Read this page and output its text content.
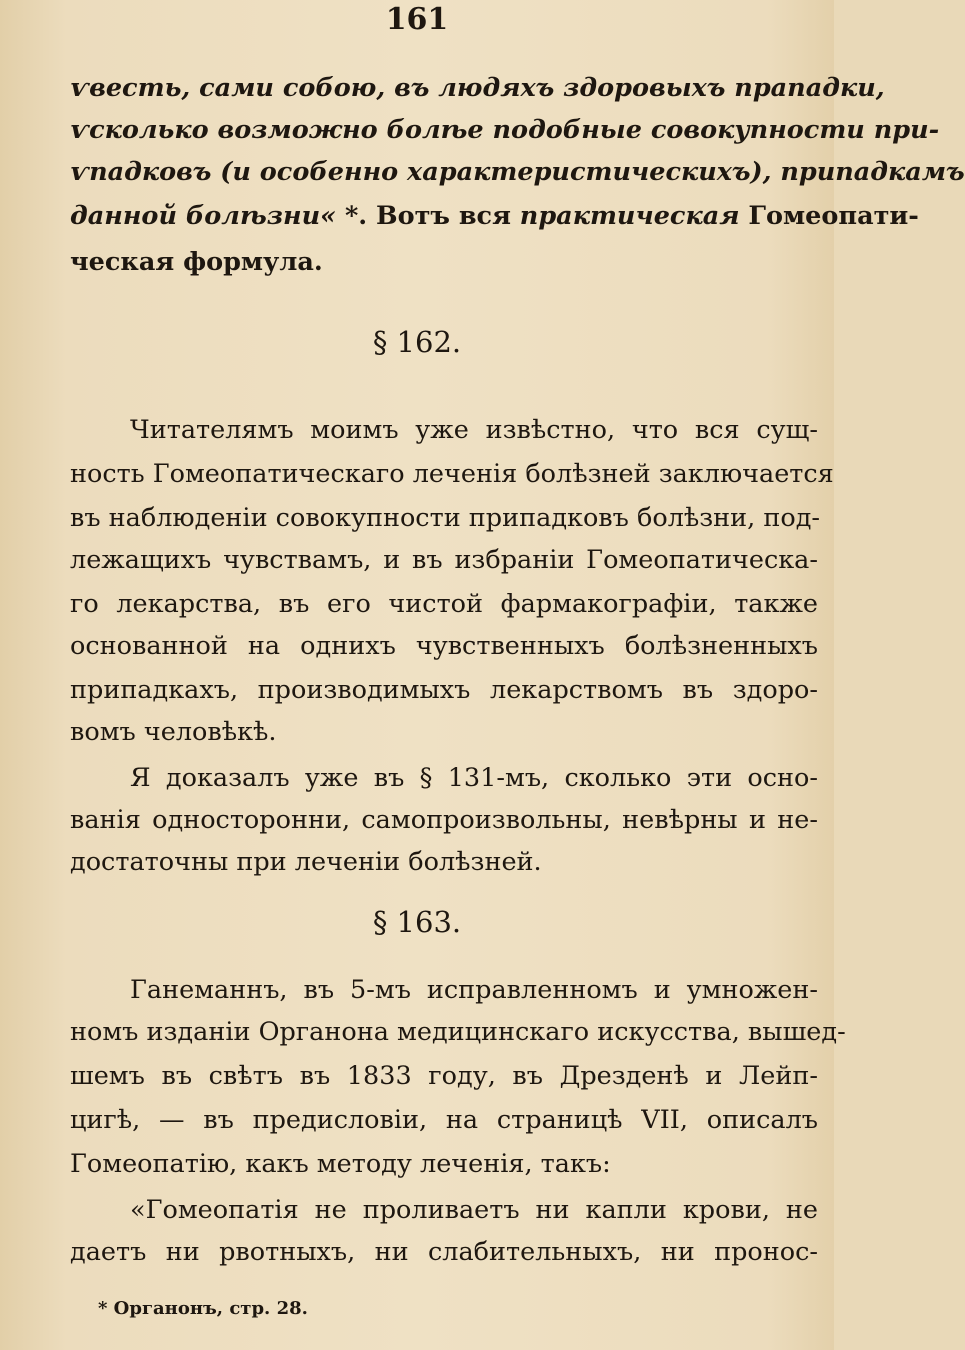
161
ѵвесть, сами собою, въ людяхъ здоровыхъ прападки,
ѵсколько возможно болѣе подобные совокупности при-
ѵпадковъ (и особенно характеристическихъ), припадкамъ
данной болѣзни« *. Вотъ вся практическая Гомеопати-
ческая формула.
§ 162.
Читателямъ моимъ уже извѣстно, что вся сущ-
ность Гомеопатическаго леченія болѣзней заключается
въ наблюденіи совокупности припадковъ болѣзни, под-
лежащихъ чувствамъ, и въ избраніи Гомеопатическа-
го лекарства, въ его чистой фармакографіи, также
основанной на однихъ чувственныхъ болѣзненныхъ
припадкахъ, производимыхъ лекарствомъ въ здоро-
вомъ человѣкѣ.
Я доказалъ уже въ § 131-мъ, сколько эти осно-
ванія односторонни, самопроизвольны, невѣрны и не-
достаточны при леченіи болѣзней.
§ 163.
Ганеманнъ, въ 5-мъ исправленномъ и умножен-
номъ изданіи Органона медицинскаго искусства, вышед-
шемъ въ свѣтъ въ 1833 году, въ Дрезденѣ и Лейп-
цигѣ, — въ предисловіи, на страницѣ VII, описалъ
Гомеопатію, какъ методу леченія, такъ:
«Гомеопатія не проливаетъ ни капли крови, не
даетъ ни рвотныхъ, ни слабительныхъ, ни пронос-
* Органонъ, стр. 28.
